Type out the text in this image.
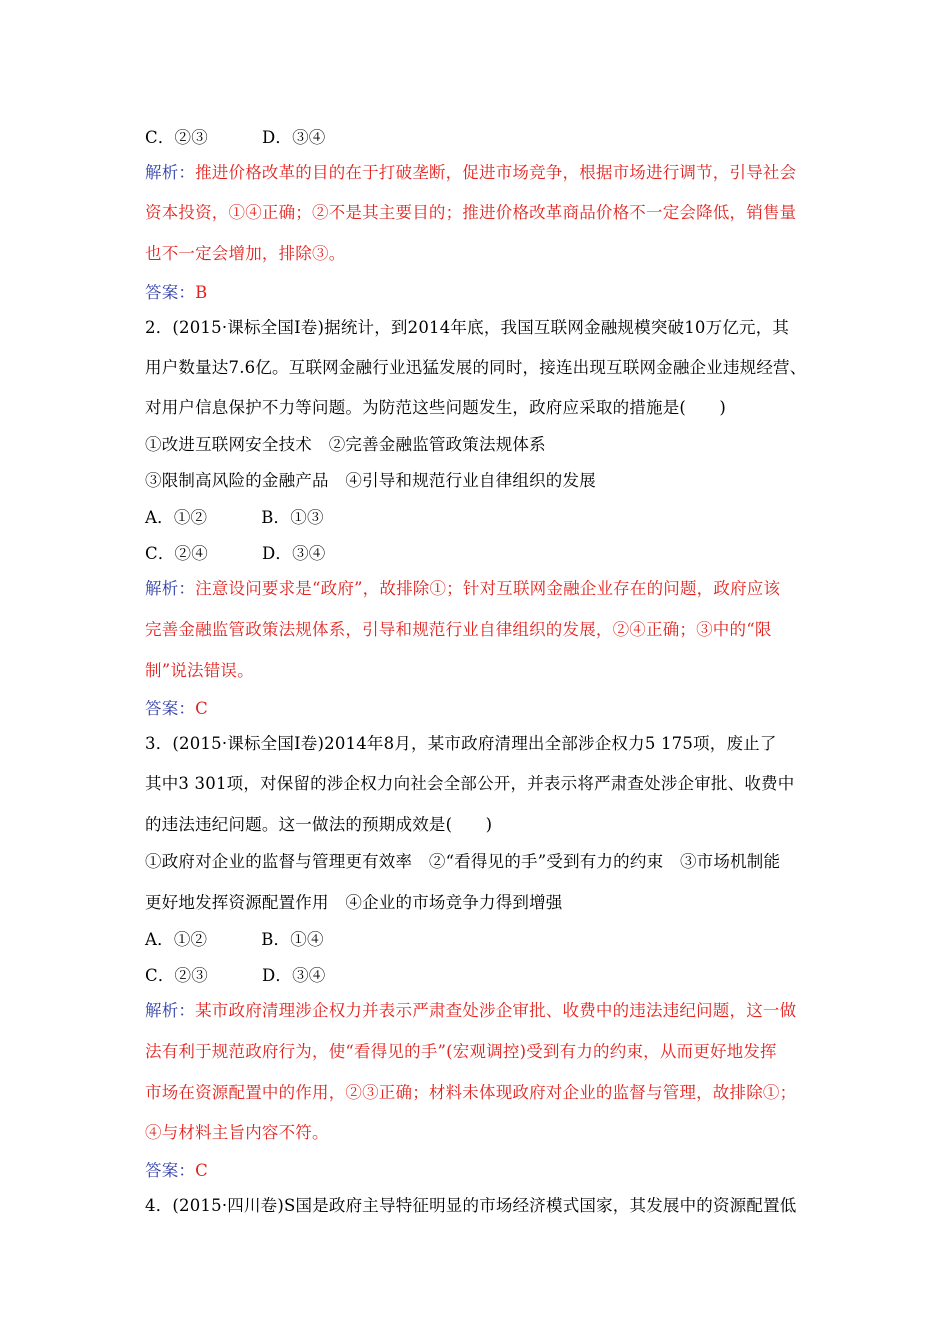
C．②③	D．③④
解析：推进价格改革的目的在于打破垄断，促进市场竞争，根据市场进行调节，引导社会
资本投资，①④正确；②不是其主要目的；推进价格改革商品价格不一定会降低，销售量
也不一定会增加，排除③。
答案：B
2．(2015·课标全国Ⅰ卷)据统计，到2014年底，我国互联网金融规模突破10万亿元，其
用户数量达7.6亿。互联网金融行业迅猛发展的同时，接连出现互联网金融企业违规经营、
对用户信息保护不力等问题。为防范这些问题发生，政府应采取的措施是(　　)
①改进互联网安全技术　②完善金融监管政策法规体系
③限制高风险的金融产品　④引导和规范行业自律组织的发展
A．①②	B．①③
C．②④	D．③④
解析：注意设问要求是“政府”，故排除①；针对互联网金融企业存在的问题，政府应该
完善金融监管政策法规体系，引导和规范行业自律组织的发展，②④正确；③中的“限
制”说法错误。
答案：C
3．(2015·课标全国Ⅰ卷)2014年8月，某市政府清理出全部涉企权力5 175项，废止了
其中3 301项，对保留的涉企权力向社会全部公开，并表示将严肃查处涉企审批、收费中
的违法违纪问题。这一做法的预期成效是(　　)
①政府对企业的监督与管理更有效率　②“看得见的手”受到有力的约束　③市场机制能
更好地发挥资源配置作用　④企业的市场竞争力得到增强
A．①②	B．①④
C．②③	D．③④
解析：某市政府清理涉企权力并表示严肃查处涉企审批、收费中的违法违纪问题，这一做
法有利于规范政府行为，使“看得见的手”(宏观调控)受到有力的约束，从而更好地发挥
市场在资源配置中的作用，②③正确；材料未体现政府对企业的监督与管理，故排除①；
④与材料主旨内容不符。
答案：C
4．(2015·四川卷)S国是政府主导特征明显的市场经济模式国家，其发展中的资源配置低
